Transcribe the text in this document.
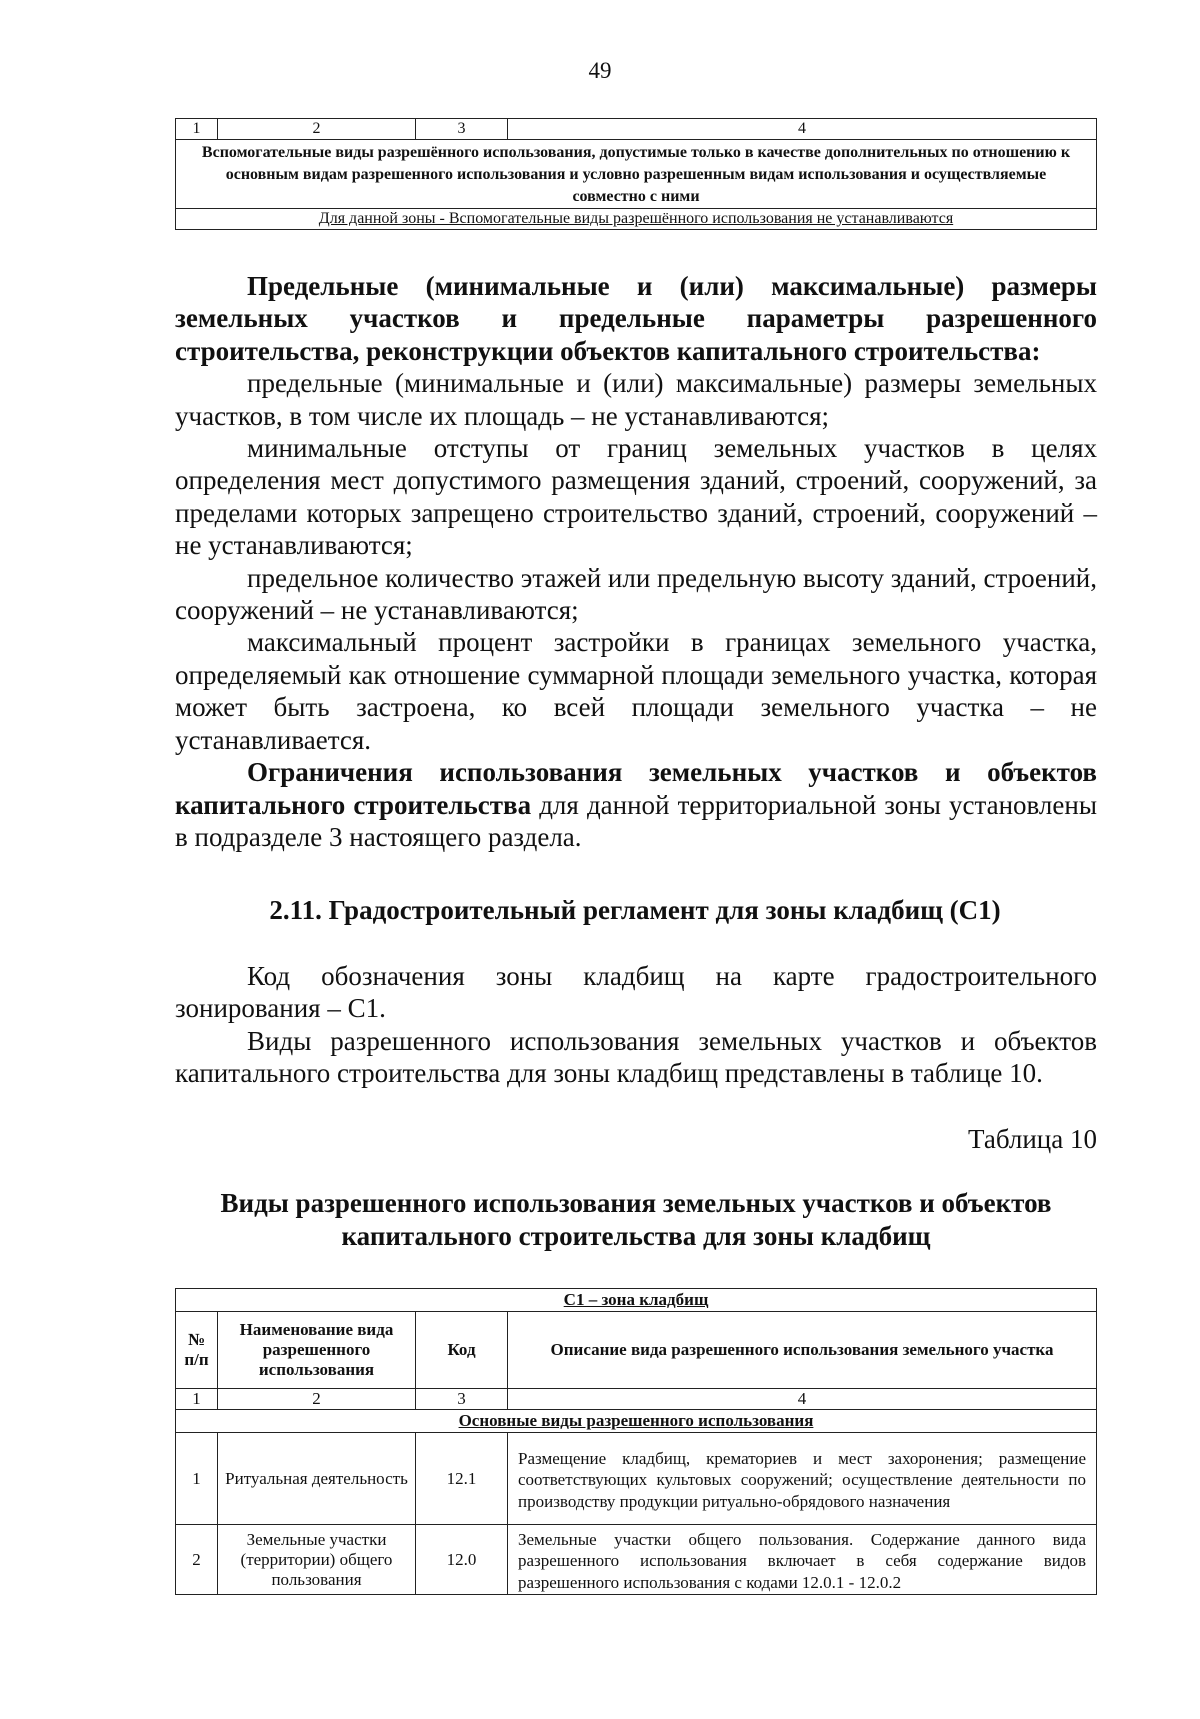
49
1	2	3	4
Вспомогательные виды разрешённого использования, допустимые только в качестве дополнительных по отношению к основным видам разрешенного использования и условно разрешенным видам использования и осуществляемые совместно с ними
Для данной зоны - Вспомогательные виды разрешённого использования не устанавливаются

Предельные (минимальные и (или) максимальные) размеры земельных участков и предельные параметры разрешенного строительства, реконструкции объектов капитального строительства:

предельные (минимальные и (или) максимальные) размеры земельных участков, в том числе их площадь – не устанавливаются;

минимальные отступы от границ земельных участков в целях определения мест допустимого размещения зданий, строений, сооружений, за пределами которых запрещено строительство зданий, строений, сооружений – не устанавливаются;

предельное количество этажей или предельную высоту зданий, строений, сооружений – не устанавливаются;

максимальный процент застройки в границах земельного участка, определяемый как отношение суммарной площади земельного участка, которая может быть застроена, ко всей площади земельного участка – не устанавливается.

Ограничения использования земельных участков и объектов капитального строительства для данной территориальной зоны установлены в подразделе 3 настоящего раздела.

2.11. Градостроительный регламент для зоны кладбищ (С1)

Код обозначения зоны кладбищ на карте градостроительного зонирования – С1.

Виды разрешенного использования земельных участков и объектов капитального строительства для зоны кладбищ представлены в таблице 10.

Таблица 10
Виды разрешенного использования земельных участков и объектов капитального строительства для зоны кладбищ
С1 – зона кладбищ			
№ п/п	Наименование вида разрешенного использования	Код	Описание вида разрешенного использования земельного участка
1	2	3	4
Основные виды разрешенного использования			
1	Ритуальная деятельность	12.1	Размещение кладбищ, крематориев и мест захоронения; размещение соответствующих культовых сооружений; осуществление деятельности по производству продукции ритуально-обрядового назначения
2	Земельные участки (территории) общего пользования	12.0	Земельные участки общего пользования. Содержание данного вида разрешенного использования включает в себя содержание видов разрешенного использования с кодами 12.0.1 - 12.0.2
